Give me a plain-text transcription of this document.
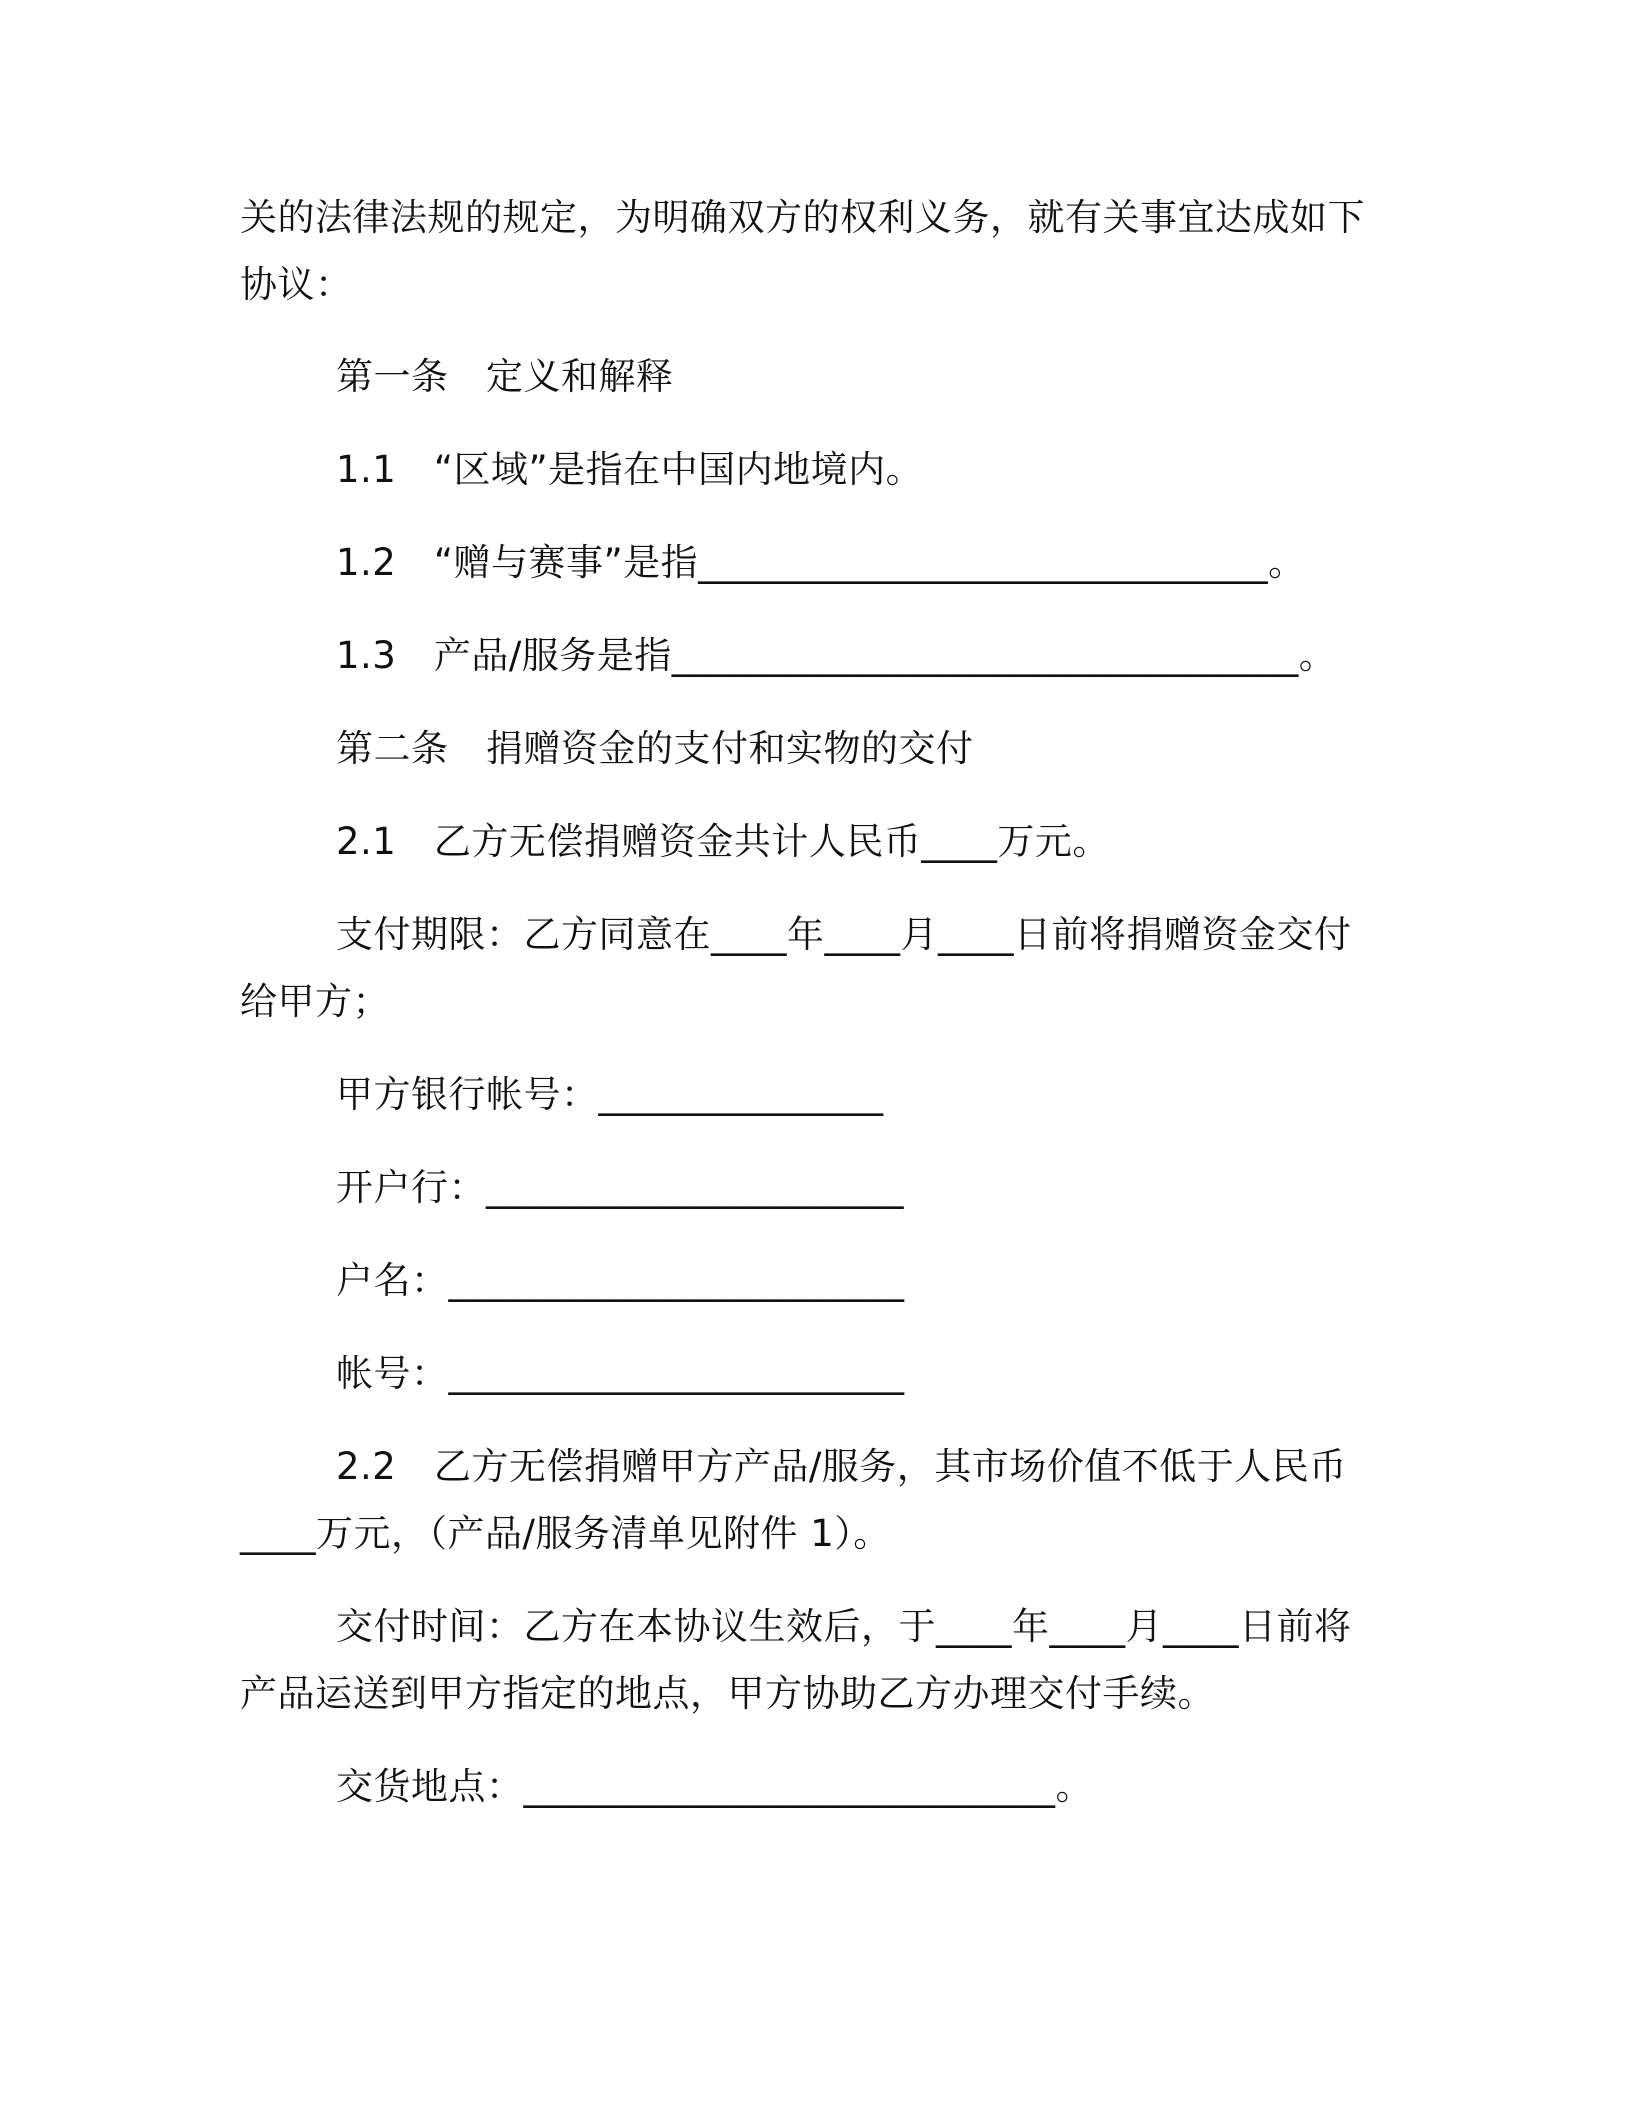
关的法律法规的规定，为明确双方的权利义务，就有关事宜达成如下
协议：
第一条　定义和解释
1.1　“区域”是指在中国内地境内。
1.2　“赠与赛事”是指______________________________。
1.3　产品/服务是指_________________________________。
第二条　捐赠资金的支付和实物的交付
2.1　乙方无偿捐赠资金共计人民币____万元。
支付期限：乙方同意在____年____月____日前将捐赠资金交付
给甲方；
甲方银行帐号：_______________
开户行：______________________
户名：________________________
帐号：________________________
2.2　乙方无偿捐赠甲方产品/服务，其市场价值不低于人民币
____万元，（产品/服务清单见附件 1）。
交付时间：乙方在本协议生效后，于____年____月____日前将
产品运送到甲方指定的地点，甲方协助乙方办理交付手续。
交货地点：____________________________。
